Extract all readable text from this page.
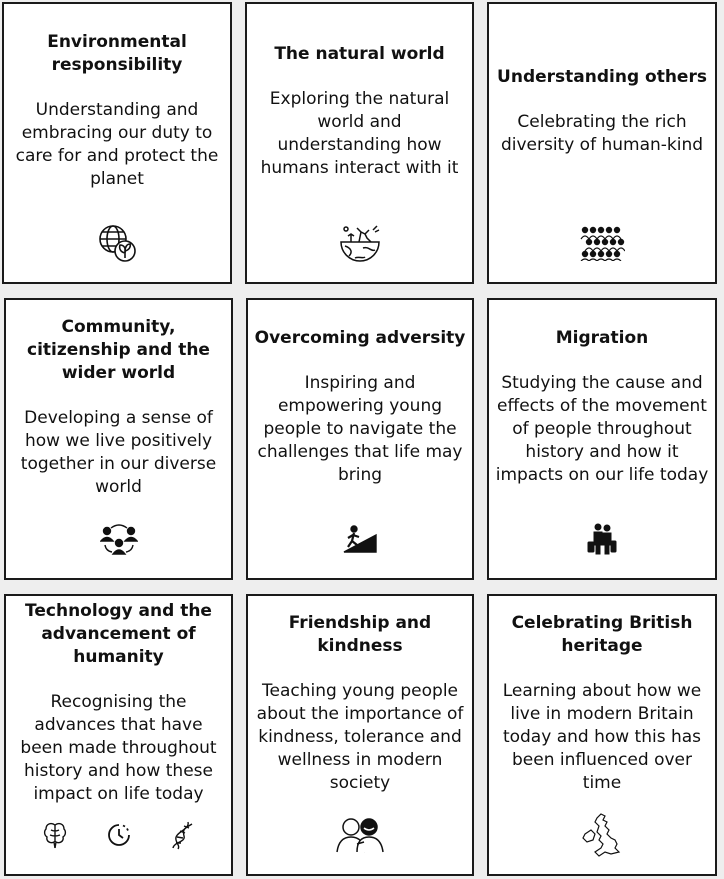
Environmental responsibility

Understanding and embracing our duty to care for and protect the planet

The natural world

Exploring the natural world and understanding how humans interact with it

Understanding others

Celebrating the rich diversity of human-kind

Community, citizenship and the wider world

Developing a sense of how we live positively together in our diverse world

Overcoming adversity

Inspiring and empowering young people to navigate the challenges that life may bring

Migration

Studying the cause and effects of the movement of people throughout history and how it impacts on our life today

Technology and the advancement of humanity

Recognising the advances that have been made throughout history and how these impact on life today

Friendship and kindness

Teaching young people about the importance of kindness, tolerance and wellness in modern society

Celebrating British heritage

Learning about how we live in modern Britain today and how this has been influenced over time
